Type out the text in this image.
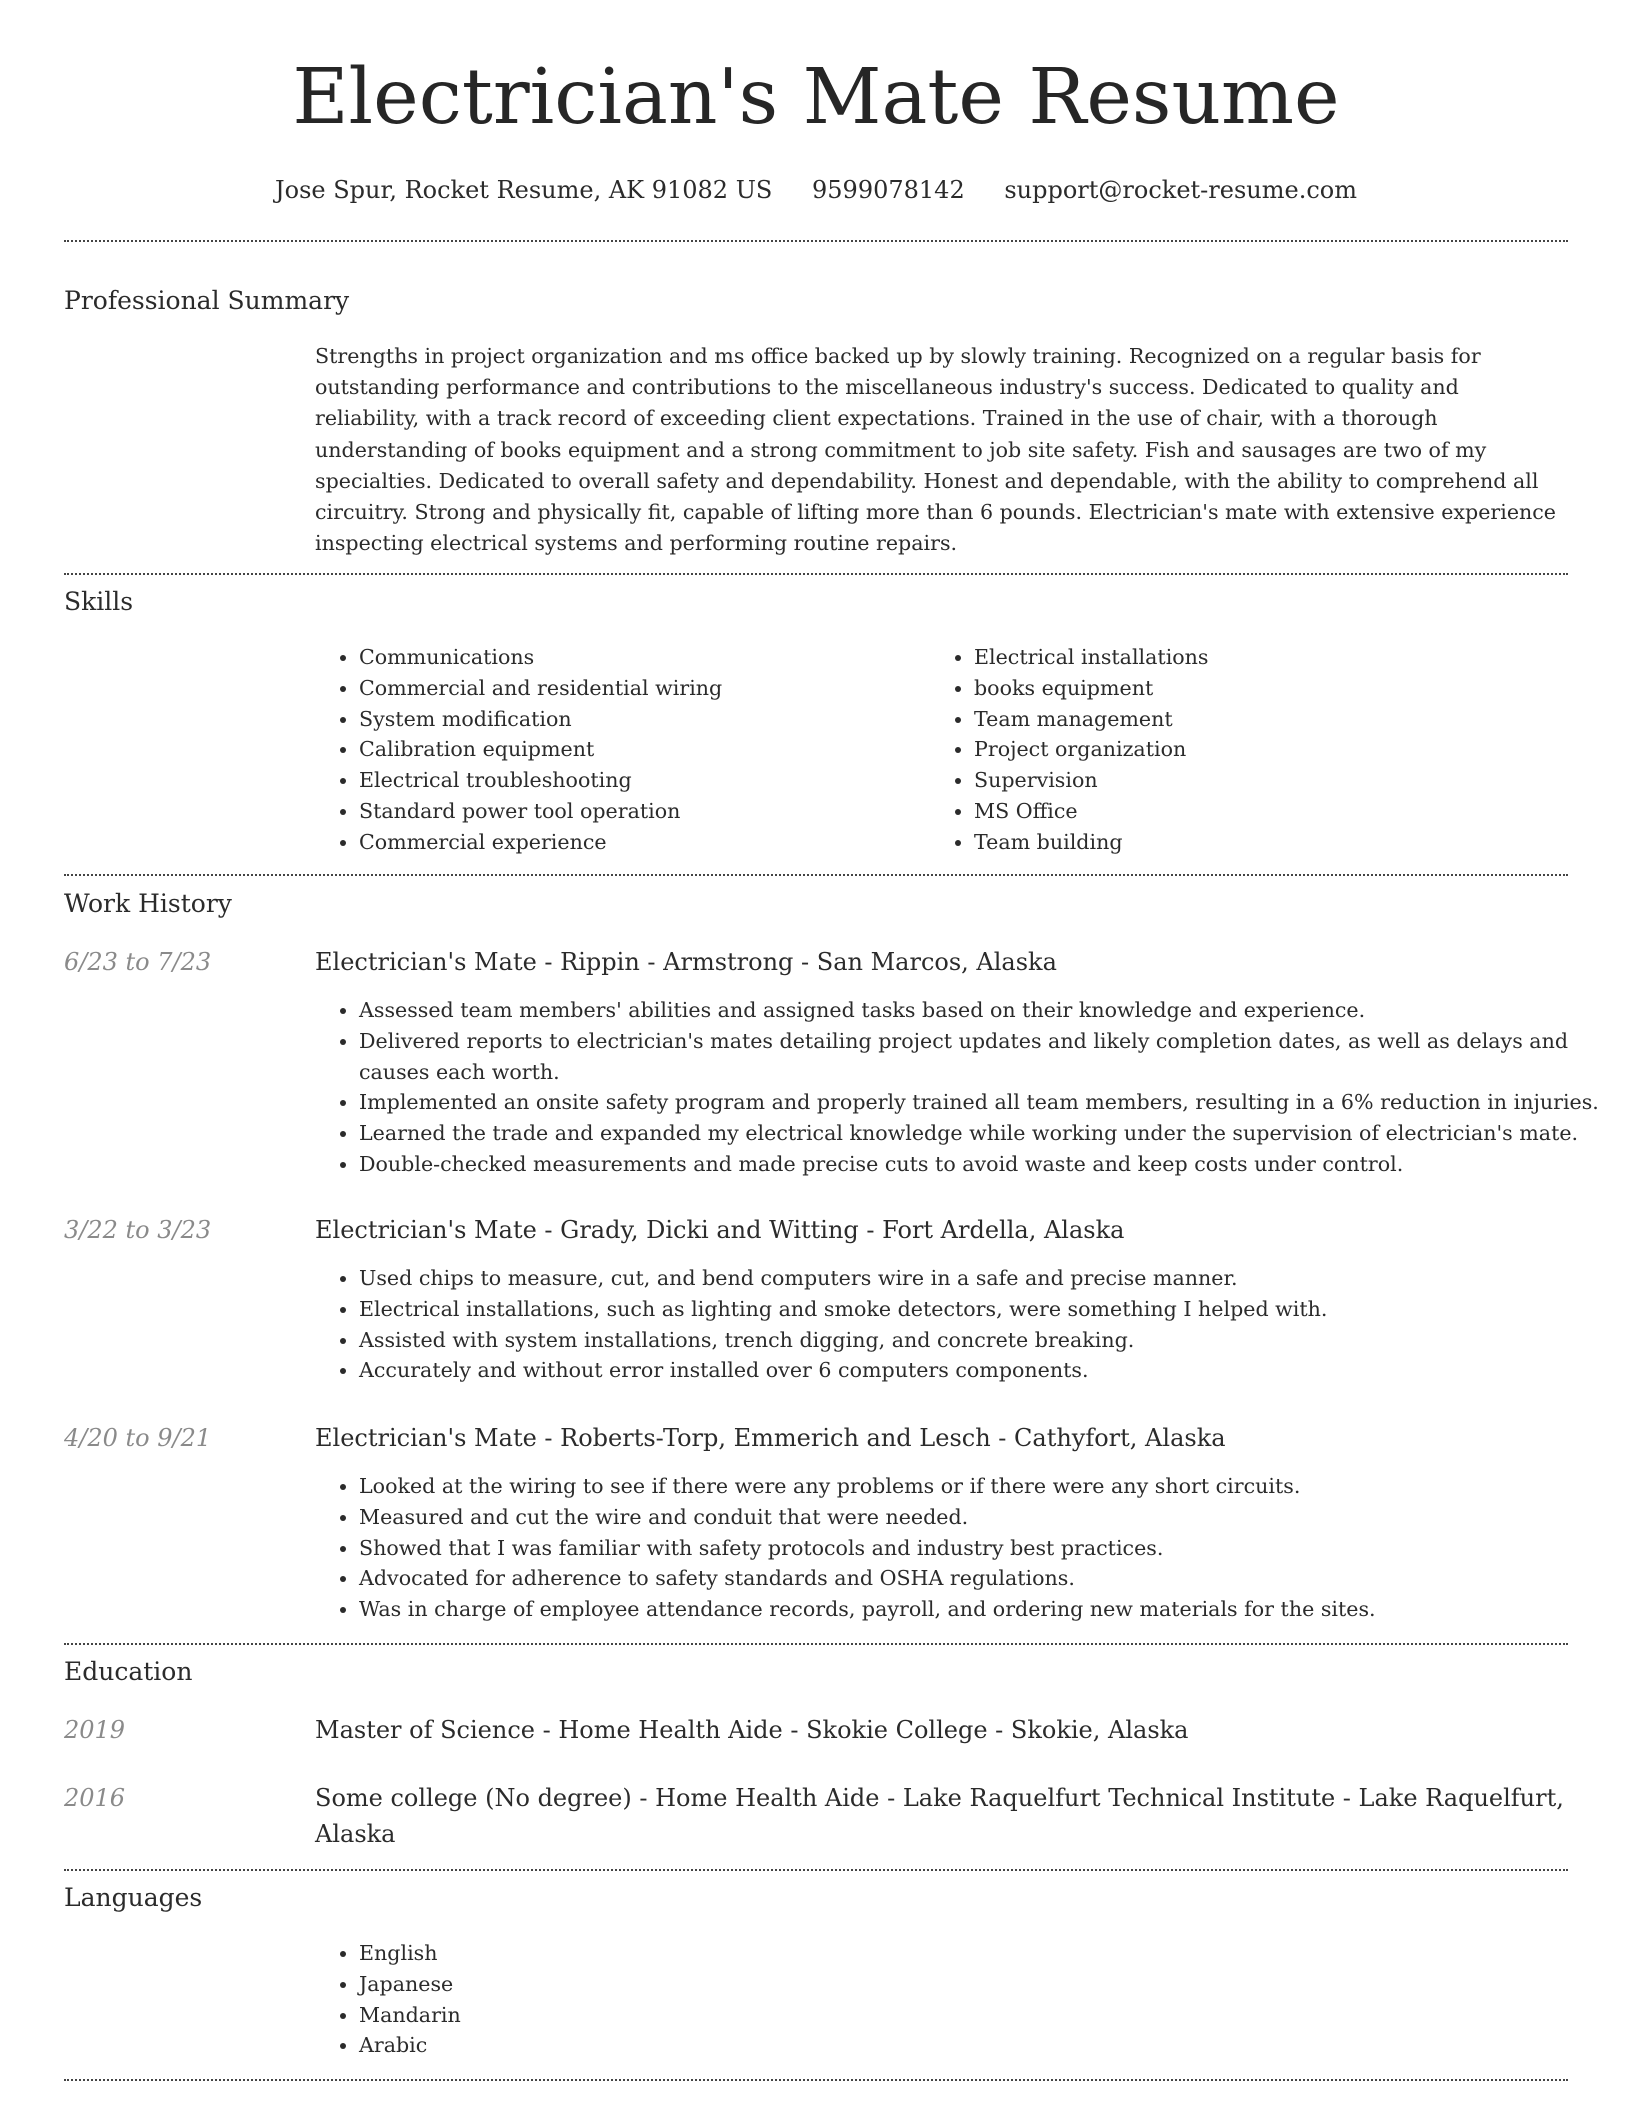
Electrician's Mate Resume
Jose Spur, Rocket Resume, AK 91082 US 9599078142 support@rocket-resume.com
Professional Summary

Strengths in project organization and ms office backed up by slowly training. Recognized on a regular basis for outstanding performance and contributions to the miscellaneous industry's success. Dedicated to quality and reliability, with a track record of exceeding client expectations. Trained in the use of chair, with a thorough understanding of books equipment and a strong commitment to job site safety. Fish and sausages are two of my specialties. Dedicated to overall safety and dependability. Honest and dependable, with the ability to comprehend all circuitry. Strong and physically fit, capable of lifting more than 6 pounds. Electrician's mate with extensive experience inspecting electrical systems and performing routine repairs.

Skills
• Communications
• Commercial and residential wiring
• System modification
• Calibration equipment
• Electrical troubleshooting
• Standard power tool operation
• Commercial experience
• Electrical installations
• books equipment
• Team management
• Project organization
• Supervision
• MS Office
• Team building
Work History
6/23 to 7/23	Electrician's Mate - Rippin - Armstrong - San Marcos, Alaska
• Assessed team members' abilities and assigned tasks based on their knowledge and experience.
• Delivered reports to electrician's mates detailing project updates and likely completion dates, as well as delays and causes each worth.
• Implemented an onsite safety program and properly trained all team members, resulting in a 6% reduction in injuries.
• Learned the trade and expanded my electrical knowledge while working under the supervision of electrician's mate.
• Double-checked measurements and made precise cuts to avoid waste and keep costs under control.
3/22 to 3/23	Electrician's Mate - Grady, Dicki and Witting - Fort Ardella, Alaska
• Used chips to measure, cut, and bend computers wire in a safe and precise manner.
• Electrical installations, such as lighting and smoke detectors, were something I helped with.
• Assisted with system installations, trench digging, and concrete breaking.
• Accurately and without error installed over 6 computers components.
4/20 to 9/21	Electrician's Mate - Roberts-Torp, Emmerich and Lesch - Cathyfort, Alaska
• Looked at the wiring to see if there were any problems or if there were any short circuits.
• Measured and cut the wire and conduit that were needed.
• Showed that I was familiar with safety protocols and industry best practices.
• Advocated for adherence to safety standards and OSHA regulations.
• Was in charge of employee attendance records, payroll, and ordering new materials for the sites.
Education
2019	Master of Science - Home Health Aide - Skokie College - Skokie, Alaska
2016	Some college (No degree) - Home Health Aide - Lake Raquelfurt Technical Institute - Lake Raquelfurt, Alaska
Languages
• English
• Japanese
• Mandarin
• Arabic
